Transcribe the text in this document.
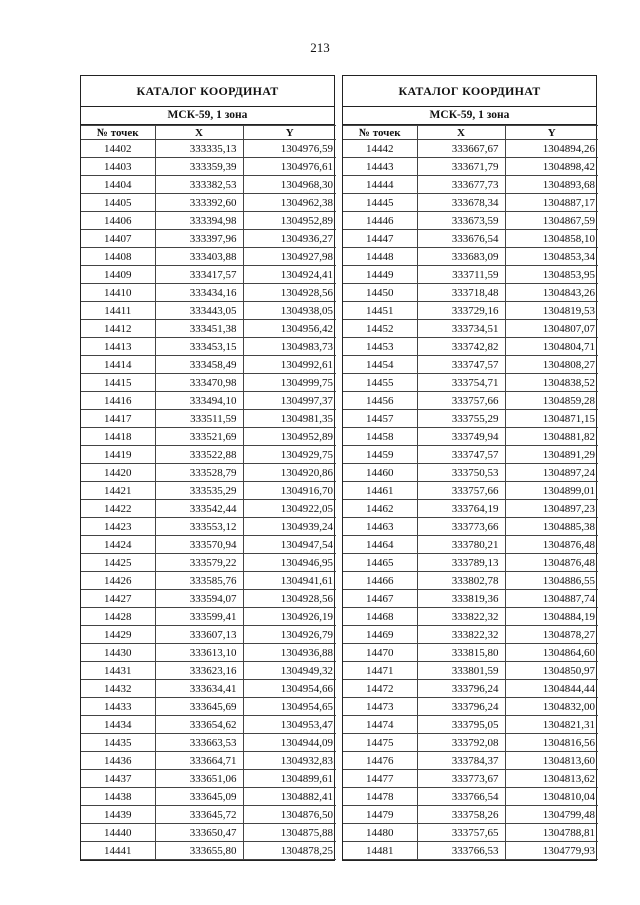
213
КАТАЛОГ КООРДИНАТ
МСК-59, 1 зона
№ точек	X	Y
14402	333335,13	1304976,59
14403	333359,39	1304976,61
14404	333382,53	1304968,30
14405	333392,60	1304962,38
14406	333394,98	1304952,89
14407	333397,96	1304936,27
14408	333403,88	1304927,98
14409	333417,57	1304924,41
14410	333434,16	1304928,56
14411	333443,05	1304938,05
14412	333451,38	1304956,42
14413	333453,15	1304983,73
14414	333458,49	1304992,61
14415	333470,98	1304999,75
14416	333494,10	1304997,37
14417	333511,59	1304981,35
14418	333521,69	1304952,89
14419	333522,88	1304929,75
14420	333528,79	1304920,86
14421	333535,29	1304916,70
14422	333542,44	1304922,05
14423	333553,12	1304939,24
14424	333570,94	1304947,54
14425	333579,22	1304946,95
14426	333585,76	1304941,61
14427	333594,07	1304928,56
14428	333599,41	1304926,19
14429	333607,13	1304926,79
14430	333613,10	1304936,88
14431	333623,16	1304949,32
14432	333634,41	1304954,66
14433	333645,69	1304954,65
14434	333654,62	1304953,47
14435	333663,53	1304944,09
14436	333664,71	1304932,83
14437	333651,06	1304899,61
14438	333645,09	1304882,41
14439	333645,72	1304876,50
14440	333650,47	1304875,88
14441	333655,80	1304878,25
КАТАЛОГ КООРДИНАТ
МСК-59, 1 зона
№ точек	X	Y
14442	333667,67	1304894,26
14443	333671,79	1304898,42
14444	333677,73	1304893,68
14445	333678,34	1304887,17
14446	333673,59	1304867,59
14447	333676,54	1304858,10
14448	333683,09	1304853,34
14449	333711,59	1304853,95
14450	333718,48	1304843,26
14451	333729,16	1304819,53
14452	333734,51	1304807,07
14453	333742,82	1304804,71
14454	333747,57	1304808,27
14455	333754,71	1304838,52
14456	333757,66	1304859,28
14457	333755,29	1304871,15
14458	333749,94	1304881,82
14459	333747,57	1304891,29
14460	333750,53	1304897,24
14461	333757,66	1304899,01
14462	333764,19	1304897,23
14463	333773,66	1304885,38
14464	333780,21	1304876,48
14465	333789,13	1304876,48
14466	333802,78	1304886,55
14467	333819,36	1304887,74
14468	333822,32	1304884,19
14469	333822,32	1304878,27
14470	333815,80	1304864,60
14471	333801,59	1304850,97
14472	333796,24	1304844,44
14473	333796,24	1304832,00
14474	333795,05	1304821,31
14475	333792,08	1304816,56
14476	333784,37	1304813,60
14477	333773,67	1304813,62
14478	333766,54	1304810,04
14479	333758,26	1304799,48
14480	333757,65	1304788,81
14481	333766,53	1304779,93
